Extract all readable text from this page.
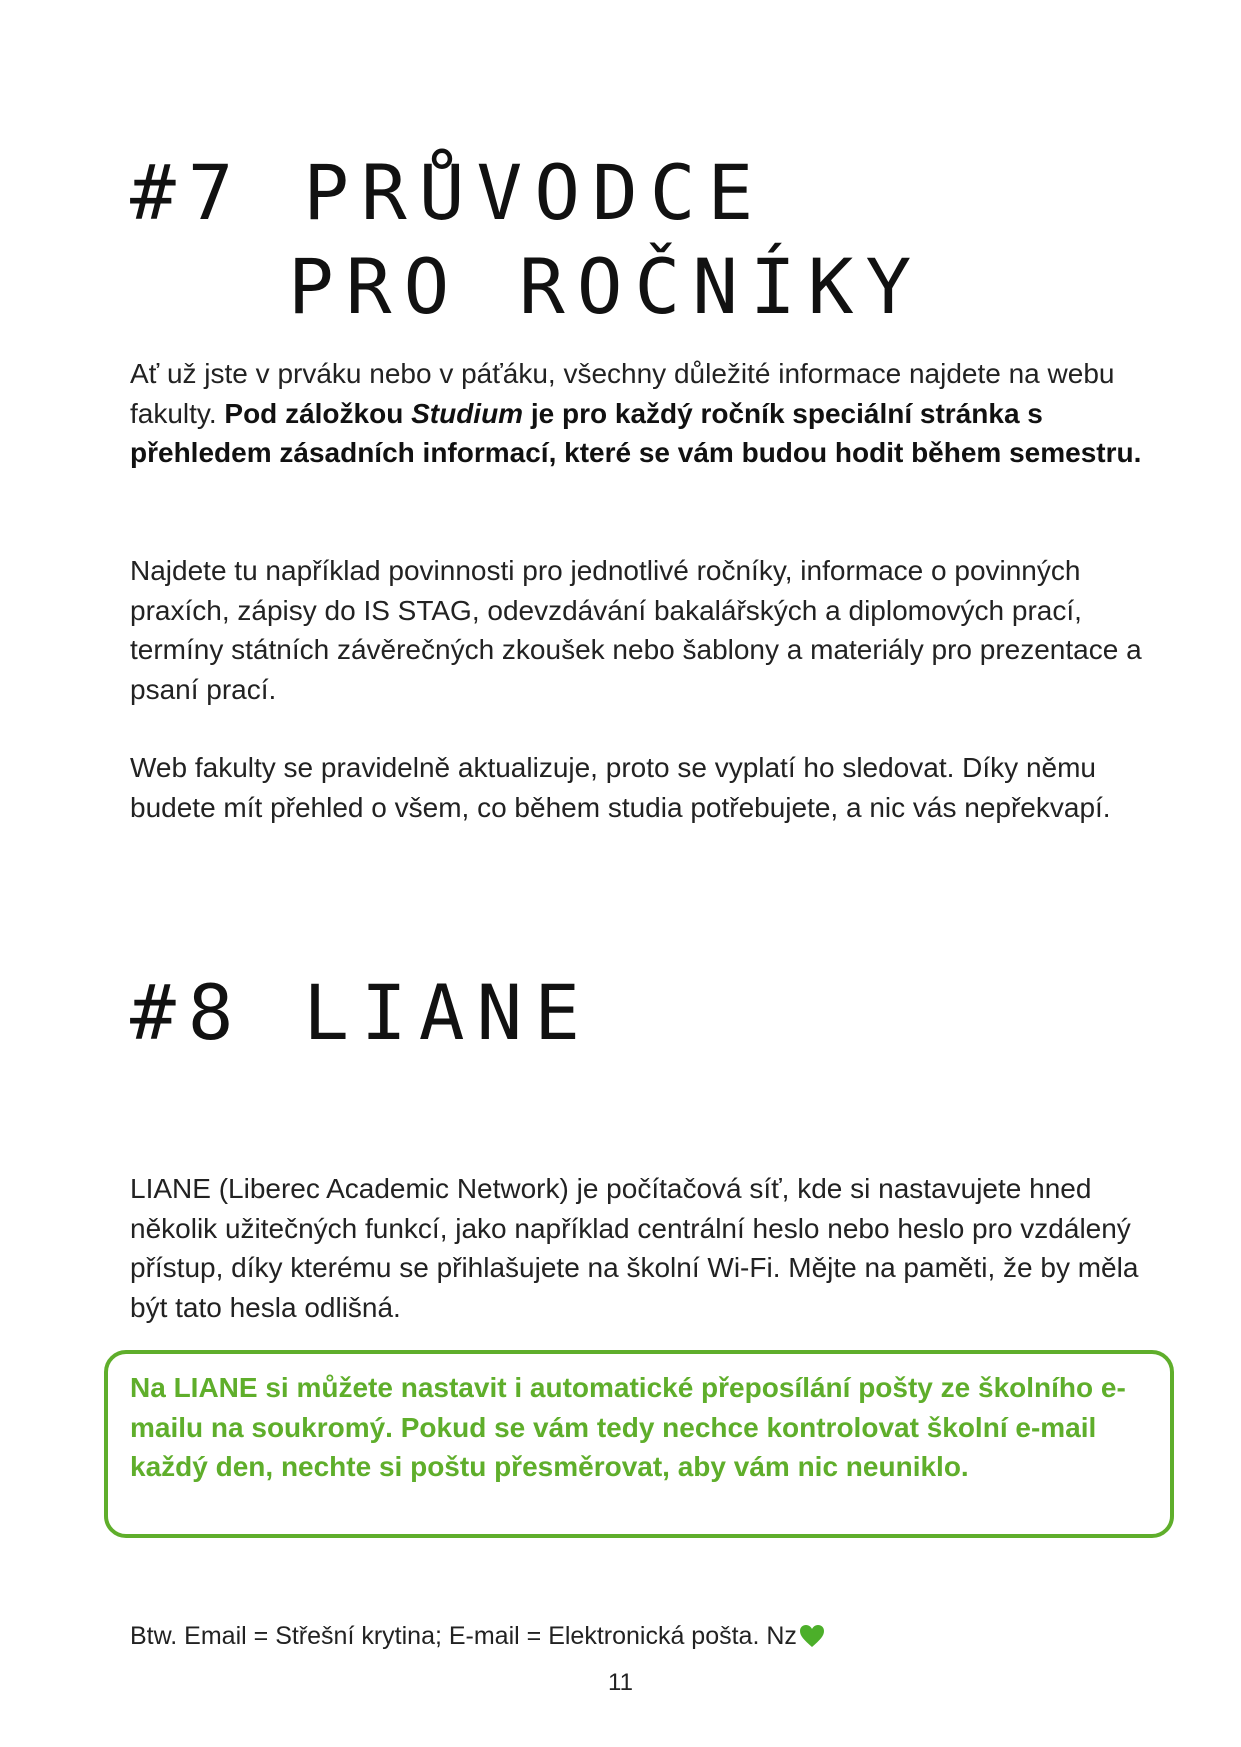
#7 PRŮVODCE
PRO ROČNÍKY

Ať už jste v prváku nebo v páťáku, všechny důležité informace najdete na webu fakulty. Pod záložkou Studium je pro každý ročník speciální stránka s přehledem zásadních informací, které se vám budou hodit během semestru.

Najdete tu například povinnosti pro jednotlivé ročníky, informace o povinných praxích, zápisy do IS STAG, odevzdávání bakalářských a diplomových prací, termíny státních závěrečných zkoušek nebo šablony a materiály pro prezentace a psaní prací.

Web fakulty se pravidelně aktualizuje, proto se vyplatí ho sledovat. Díky němu budete mít přehled o všem, co během studia potřebujete, a nic vás nepřekvapí.

#8 LIANE

LIANE (Liberec Academic Network) je počítačová síť, kde si nastavujete hned několik užitečných funkcí, jako například centrální heslo nebo heslo pro vzdálený přístup, díky kterému se přihlašujete na školní Wi-Fi. Mějte na paměti, že by měla být tato hesla odlišná.

Na LIANE si můžete nastavit i automatické přeposílání pošty ze školního e-mailu na soukromý. Pokud se vám tedy nechce kontrolovat školní e-mail každý den, nechte si poštu přesměrovat, aby vám nic neuniklo.

Btw. Email = Střešní krytina; E-mail = Elektronická pošta. Nz

11
